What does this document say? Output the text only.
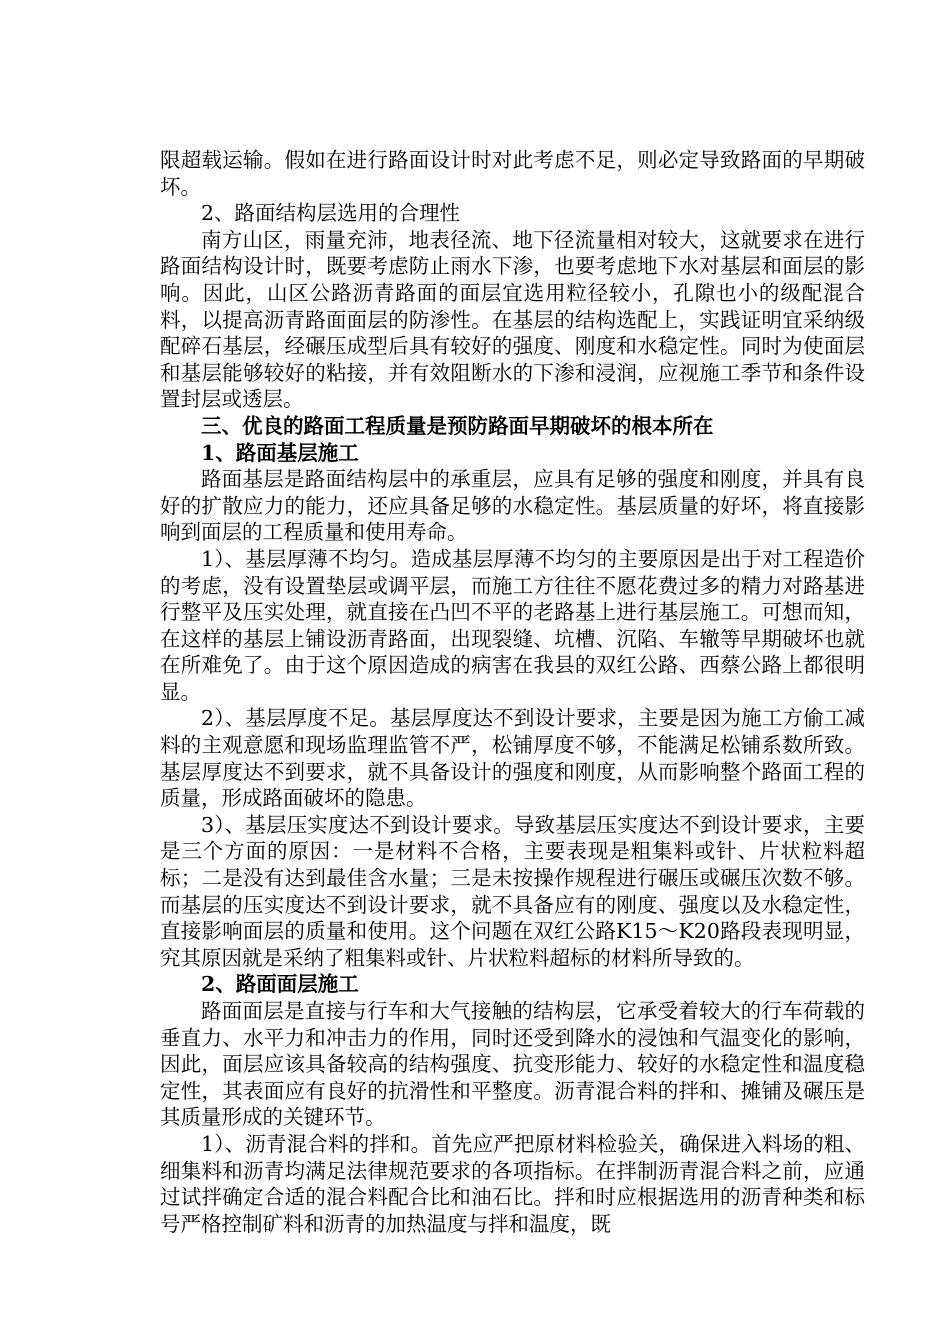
限超载运输。假如在进行路面设计时对此考虑不足，则必定导致路面的早期破坏。

2、路面结构层选用的合理性

南方山区，雨量充沛，地表径流、地下径流量相对较大，这就要求在进行路面结构设计时，既要考虑防止雨水下渗，也要考虑地下水对基层和面层的影响。因此，山区公路沥青路面的面层宜选用粒径较小，孔隙也小的级配混合料，以提高沥青路面面层的防渗性。在基层的结构选配上，实践证明宜采纳级配碎石基层，经碾压成型后具有较好的强度、刚度和水稳定性。同时为使面层和基层能够较好的粘接，并有效阻断水的下渗和浸润，应视施工季节和条件设置封层或透层。

三、优良的路面工程质量是预防路面早期破坏的根本所在

1、路面基层施工

路面基层是路面结构层中的承重层，应具有足够的强度和刚度，并具有良好的扩散应力的能力，还应具备足够的水稳定性。基层质量的好坏，将直接影响到面层的工程质量和使用寿命。

1）、基层厚薄不均匀。造成基层厚薄不均匀的主要原因是出于对工程造价的考虑，没有设置垫层或调平层，而施工方往往不愿花费过多的精力对路基进行整平及压实处理，就直接在凸凹不平的老路基上进行基层施工。可想而知，在这样的基层上铺设沥青路面，出现裂缝、坑槽、沉陷、车辙等早期破坏也就在所难免了。由于这个原因造成的病害在我县的双红公路、西蔡公路上都很明显。

2）、基层厚度不足。基层厚度达不到设计要求，主要是因为施工方偷工减料的主观意愿和现场监理监管不严，松铺厚度不够，不能满足松铺系数所致。基层厚度达不到要求，就不具备设计的强度和刚度，从而影响整个路面工程的质量，形成路面破坏的隐患。

3）、基层压实度达不到设计要求。导致基层压实度达不到设计要求，主要是三个方面的原因：一是材料不合格，主要表现是粗集料或针、片状粒料超标；二是没有达到最佳含水量；三是未按操作规程进行碾压或碾压次数不够。而基层的压实度达不到设计要求，就不具备应有的刚度、强度以及水稳定性，直接影响面层的质量和使用。这个问题在双红公路K15～K20路段表现明显，究其原因就是采纳了粗集料或针、片状粒料超标的材料所导致的。

2、路面面层施工

路面面层是直接与行车和大气接触的结构层，它承受着较大的行车荷载的垂直力、水平力和冲击力的作用，同时还受到降水的浸蚀和气温变化的影响，因此，面层应该具备较高的结构强度、抗变形能力、较好的水稳定性和温度稳定性，其表面应有良好的抗滑性和平整度。沥青混合料的拌和、摊铺及碾压是其质量形成的关键环节。

1）、沥青混合料的拌和。首先应严把原材料检验关，确保进入料场的粗、细集料和沥青均满足法律规范要求的各项指标。在拌制沥青混合料之前，应通过试拌确定合适的混合料配合比和油石比。拌和时应根据选用的沥青种类和标号严格控制矿料和沥青的加热温度与拌和温度，既
